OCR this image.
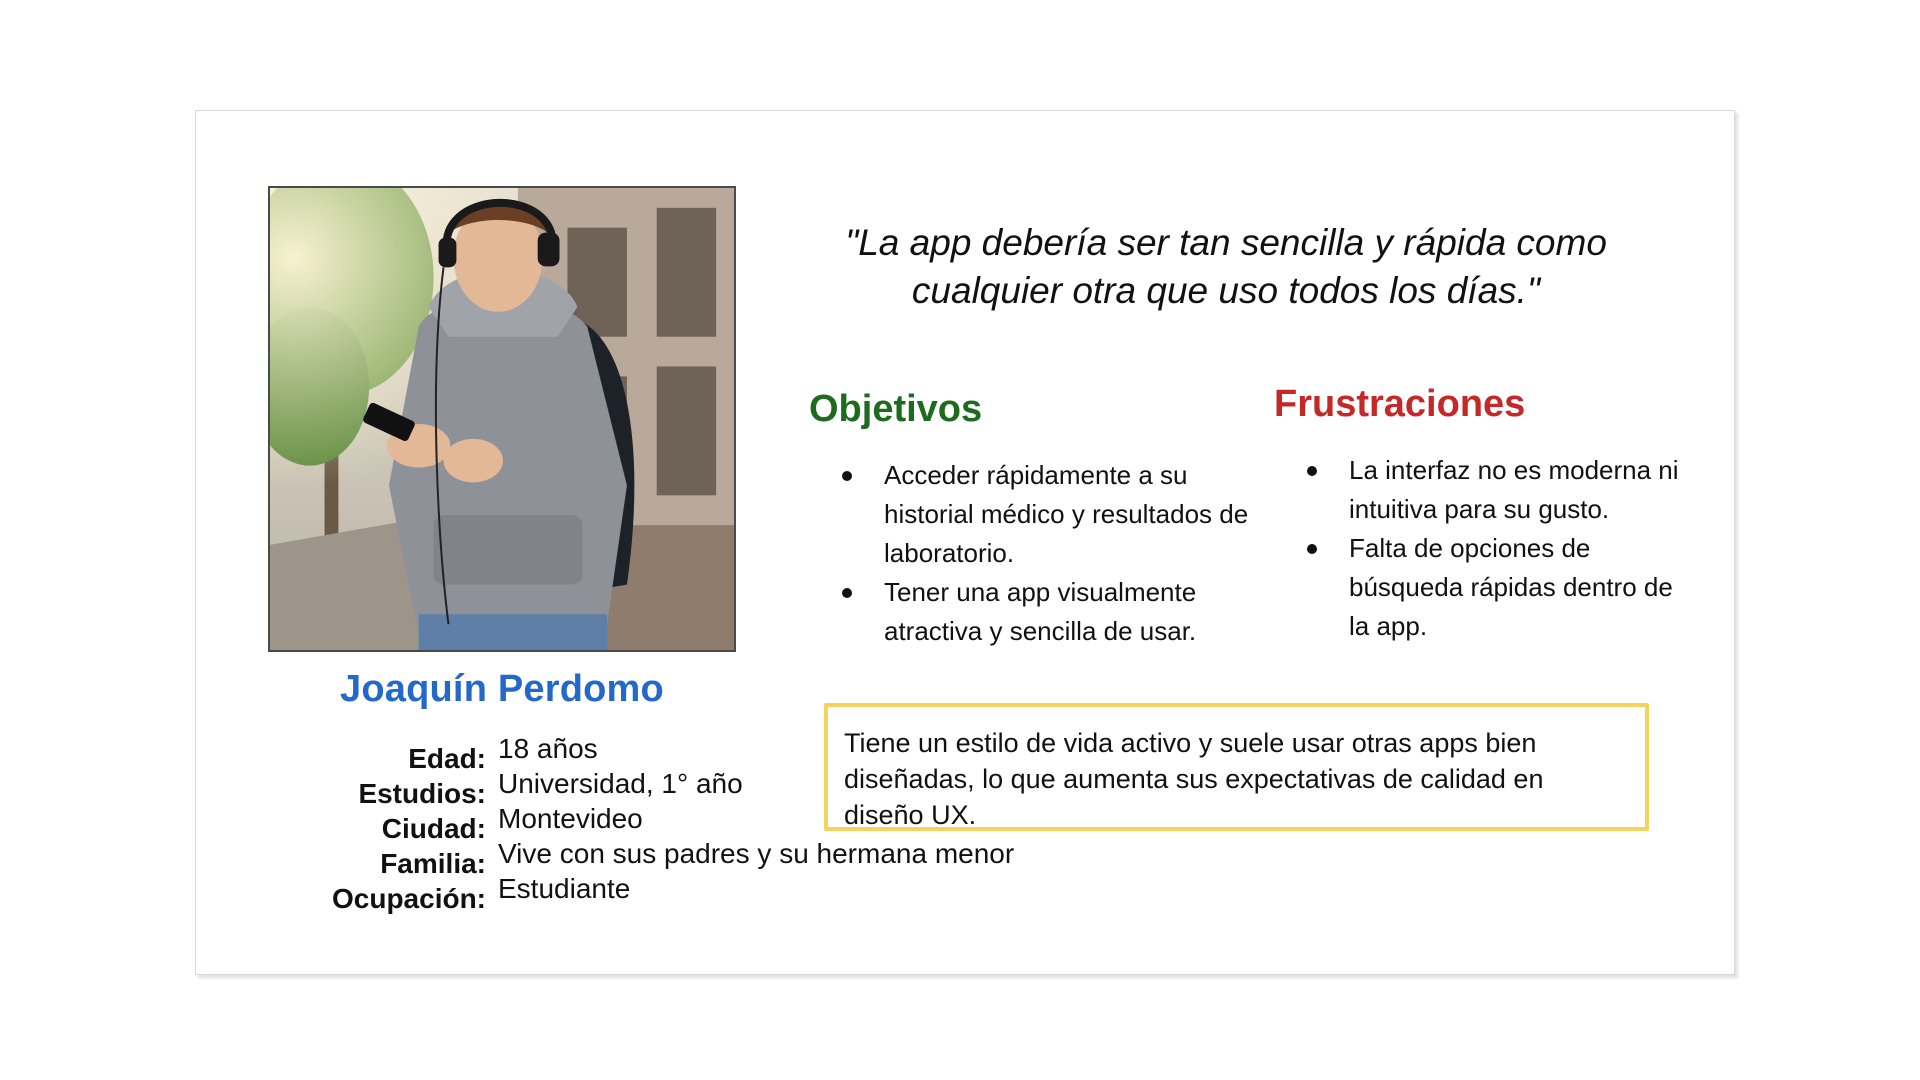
Joaquín Perdomo
Edad: 18 años
Estudios: Universidad, 1° año
Ciudad: Montevideo
Familia: Vive con sus padres y su hermana menor
Ocupación: Estudiante
"La app debería ser tan sencilla y rápida como cualquier otra que uso todos los días."
Objetivos
Acceder rápidamente a su historial médico y resultados de laboratorio.
Tener una app visualmente atractiva y sencilla de usar.
Frustraciones
La interfaz no es moderna ni intuitiva para su gusto.
Falta de opciones de búsqueda rápidas dentro de la app.
Tiene un estilo de vida activo y suele usar otras apps bien diseñadas, lo que aumenta sus expectativas de calidad en diseño UX.
